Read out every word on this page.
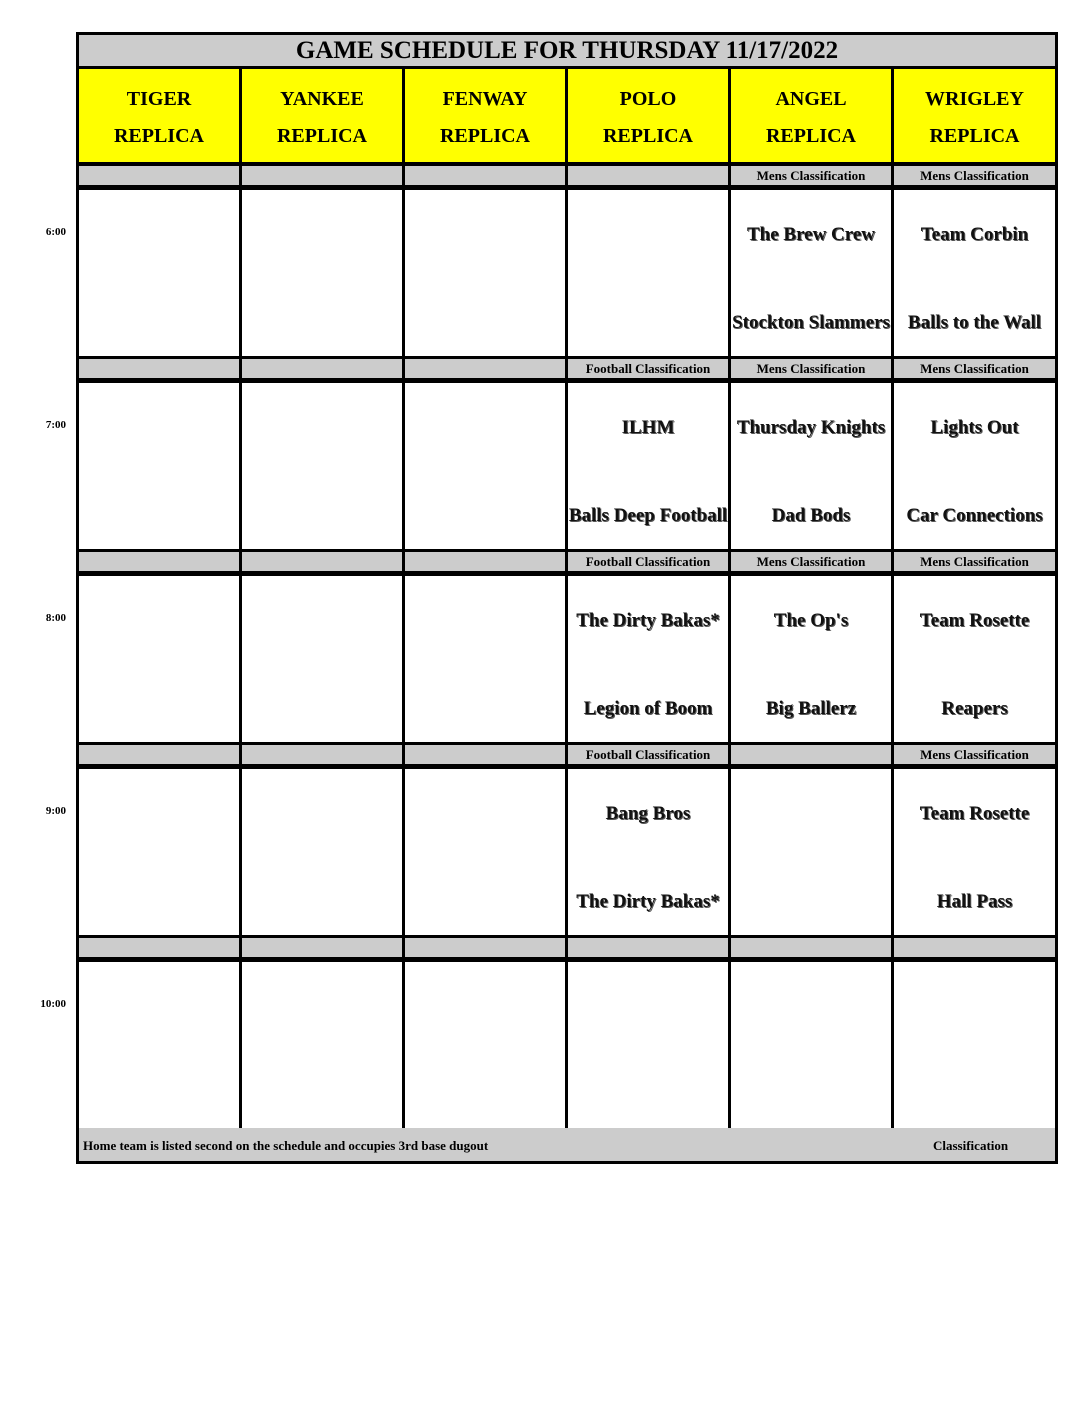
GAME SCHEDULE FOR THURSDAY 11/17/2022
TIGER
REPLICA
YANKEE
REPLICA
FENWAY
REPLICA
POLO
REPLICA
ANGEL
REPLICA
WRIGLEY
REPLICA
Mens Classification
The Brew Crew
Stockton Slammers
Mens Classification
Team Corbin
Balls to the Wall
Football Classification
ILHM
Balls Deep Football
Mens Classification
Thursday Knights
Dad Bods
Mens Classification
Lights Out
Car Connections
Football Classification
The Dirty Bakas*
Legion of Boom
Mens Classification
The Op's
Big Ballerz
Mens Classification
Team Rosette
Reapers
Football Classification
Bang Bros
The Dirty Bakas*
Mens Classification
Team Rosette
Hall Pass
Home team is listed second on the schedule and occupies 3rd base dugout	Classification
6:00
7:00
8:00
9:00
10:00
